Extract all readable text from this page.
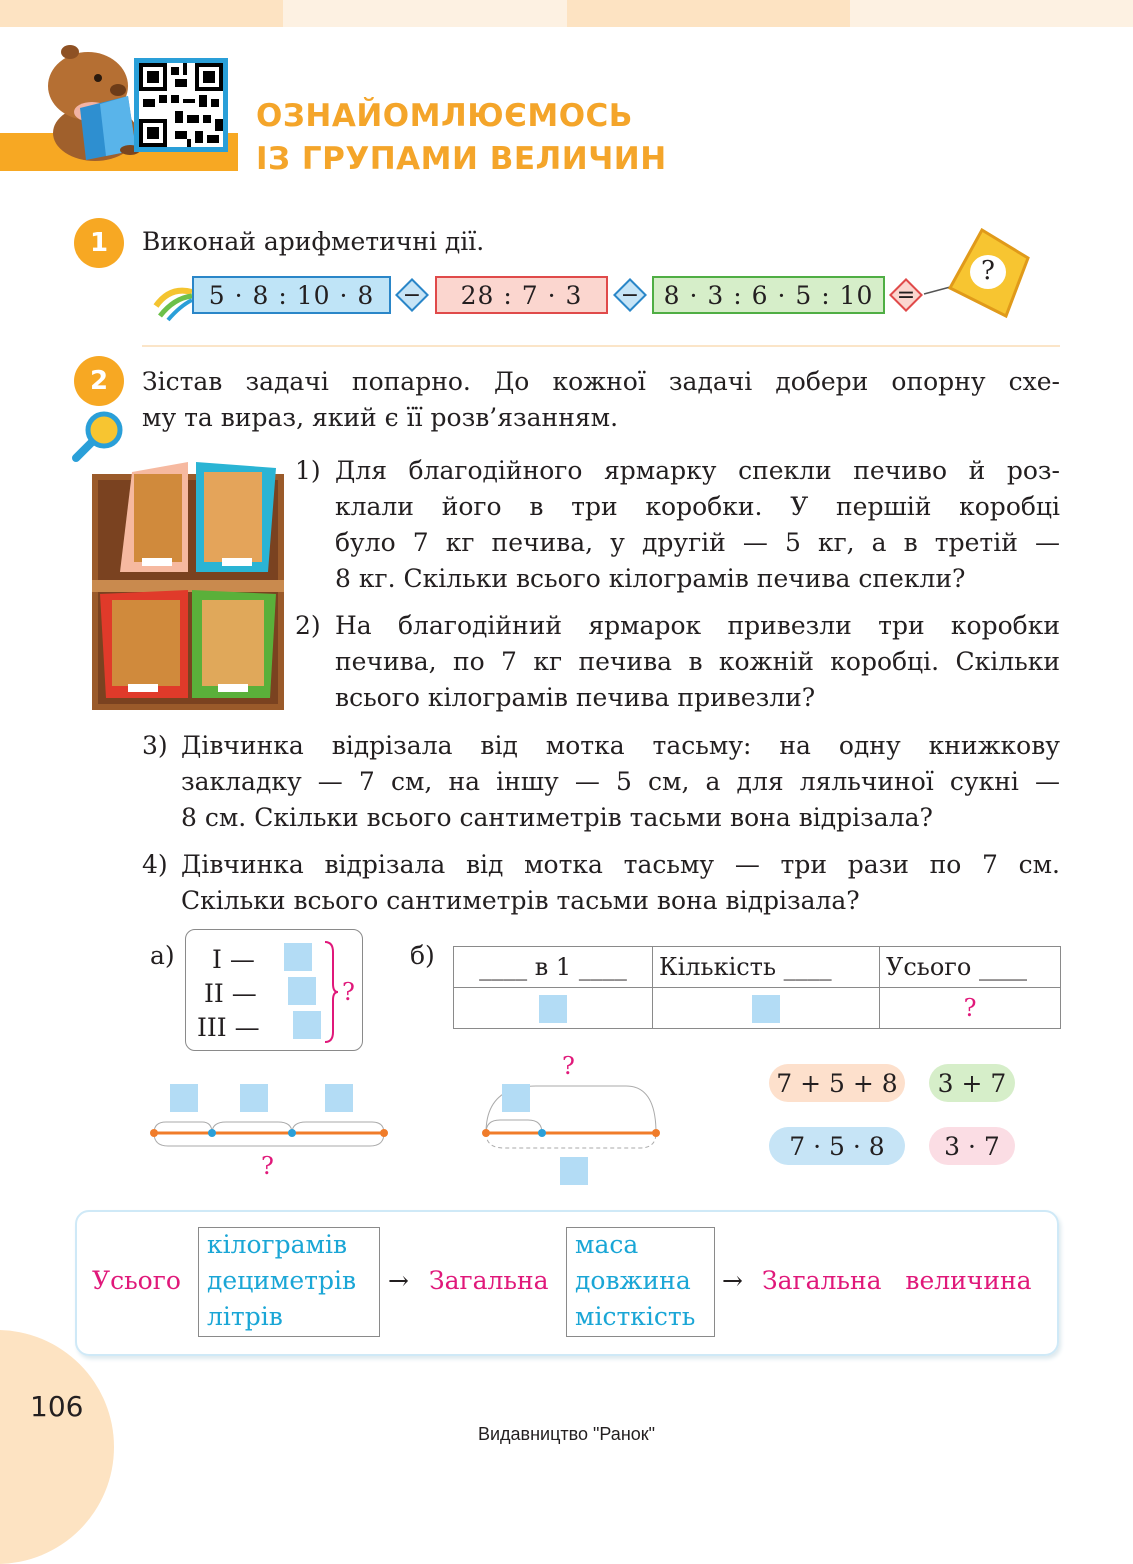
ОЗНАЙОМЛЮЄМОСЬ
ІЗ ГРУПАМИ ВЕЛИЧИН
1	Виконай арифметичні дії.
5 · 8 : 10 · 8	−	28 : 7 · 3	− 8 · 3 : 6 · 5 : 10	=
?
2	Зістав задачі попарно. До кожної задачі добери опорну схе-
му та вираз, який є її розв’язанням.
1) Для благодійного ярмарку спекли печиво й роз-
клали його в три коробки. У першій коробці
було 7 кг печива, у другій — 5 кг, а в третій —
8 кг. Скільки всього кілограмів печива спекли?
2) На благодійний ярмарок привезли три коробки
печива, по 7 кг печива в кожній коробці. Скільки
всього кілограмів печива привезли?
3) Дівчинка відрізала від мотка тасьму: на одну книжкову
закладку — 7 см, на іншу — 5 см, а для ляльчиної сукні —
8 см. Скільки всього сантиметрів тасьми вона відрізала?
4) Дівчинка відрізала від мотка тасьму — три рази по 7 см.
Скільки всього сантиметрів тасьми вона відрізала?
а) I —
II —
III —
?
б) ____ в 1 ____	Кількість ____	Усього ____
		?
?
?
7 + 5 + 8	3 + 7
7 · 5 · 8	3 · 7
Усього
кілограмів
дециметрів
літрів
→ Загальна
маса
довжина
місткість
→ Загальна   величина
106
Видавництво "Ранок"
